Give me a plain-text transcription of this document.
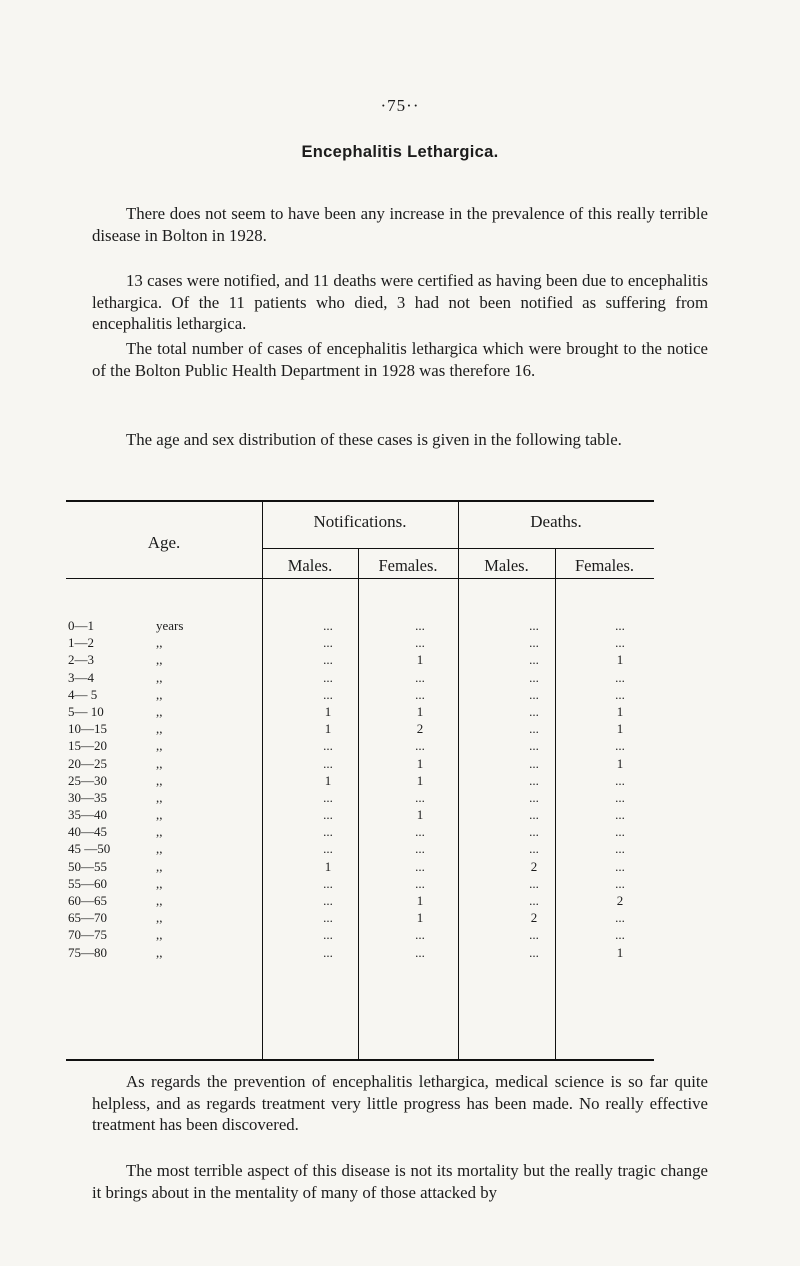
·75··
Encephalitis Lethargica.
There does not seem to have been any increase in the prevalence of this really terrible disease in Bolton in 1928.
13 cases were notified, and 11 deaths were certified as having been due to encephalitis lethargica. Of the 11 patients who died, 3 had not been notified as suffering from encephalitis lethargica.
The total number of cases of encephalitis lethargica which were brought to the notice of the Bolton Public Health Department in 1928 was therefore 16.
The age and sex distribution of these cases is given in the following table.
Age.
Notifications.	Deaths.
Males.	Females.	Males.	Females.
0—1	years	...	...	...	...
1—2	,,	...	...	...	...
2—3	,,	...	1	...	1
3—4	,,	...	...	...	...
4— 5	,,	...	...	...	...
5— 10	,,	1	1	...	1
10—15	,,	1	2	...	1
15—20	,,	...	...	...	...
20—25	,,	...	1	...	1
25—30	,,	1	1	...	...
30—35	,,	...	...	...	...
35—40	,,	...	1	...	...
40—45	,,	...	...	...	...
45 —50	,,	...	...	...	...
50—55	,,	1	...	2	...
55—60	,,	...	...	...	...
60—65	,,	...	1	...	2
65—70	,,	...	1	2	...
70—75	,,	...	...	...	...
75—80	,,	...	...	...	1
As regards the prevention of encephalitis lethargica, medical science is so far quite helpless, and as regards treatment very little progress has been made. No really effective treatment has been discovered.
The most terrible aspect of this disease is not its mortality but the really tragic change it brings about in the mentality of many of those attacked by
